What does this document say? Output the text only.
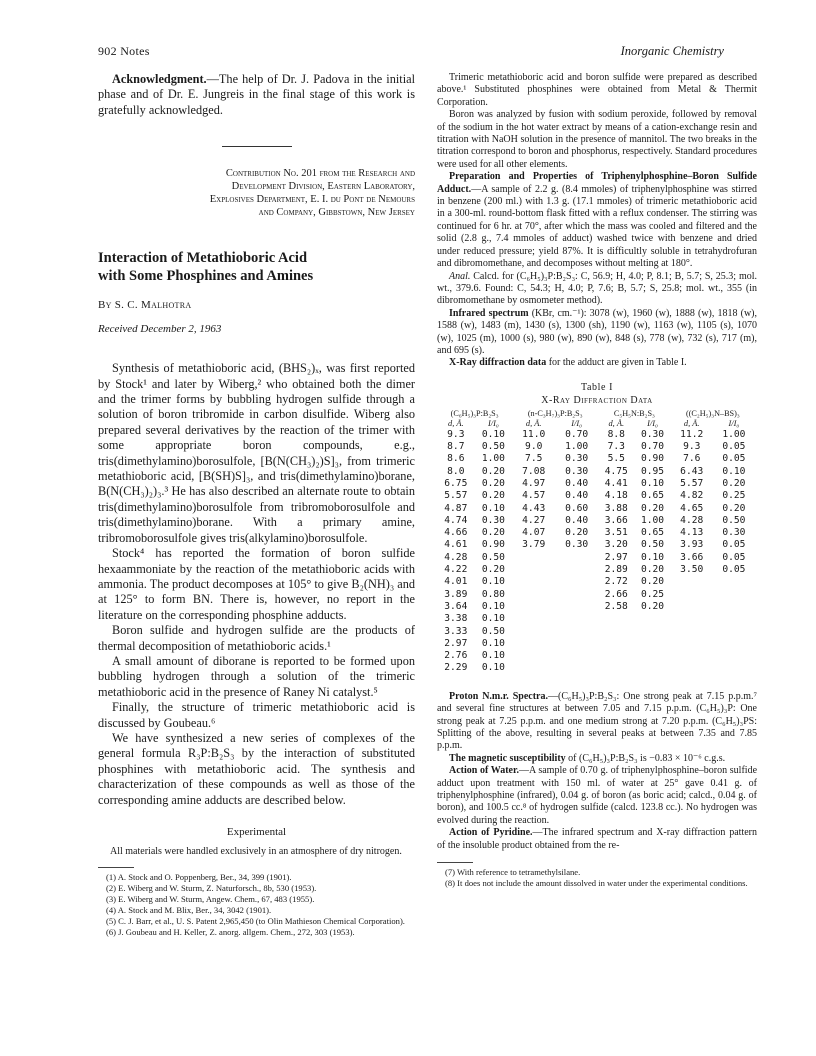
902 Notes	Inorganic Chemistry

Acknowledgment.—The help of Dr. J. Padova in the initial phase and of Dr. E. Jungreis in the final stage of this work is gratefully acknowledged.

Contribution No. 201 from the Research and
Development Division, Eastern Laboratory,
Explosives Department, E. I. du Pont de Nemours
and Company, Gibbstown, New Jersey
Interaction of Metathioboric Acid
with Some Phosphines and Amines
By S. C. Malhotra
Received December 2, 1963

Synthesis of metathioboric acid, (BHS₂)ₓ, was first reported by Stock¹ and later by Wiberg,² who obtained both the dimer and the trimer forms by bubbling hydrogen sulfide through a solution of boron tribromide in carbon disulfide. Wiberg also prepared several derivatives by the reaction of the trimer with some appropriate boron compounds, e.g., tris(dimethylamino)borosulfole, [B(N(CH₃)₂)S]₃, from trimeric metathioboric acid, [B(SH)S]₃, and tris(dimethylamino)borane, B(N(CH₃)₂)₃.³ He has also described an alternate route to obtain tris(dimethylamino)borosulfole from tribromoborosulfole and tris(dimethylamino)borane. With a primary amine, tribromoborosulfole gives tris(alkylamino)borosulfole.

Stock⁴ has reported the formation of boron sulfide hexaammoniate by the reaction of the metathioboric acids with ammonia. The product decomposes at 105° to give B₂(NH)₃ and at 125° to form BN. There is, however, no report in the literature on the corresponding phosphine adducts.

Boron sulfide and hydrogen sulfide are the products of thermal decomposition of metathioboric acids.¹

A small amount of diborane is reported to be formed upon bubbling hydrogen through a solution of the trimeric metathioboric acid in the presence of Raney Ni catalyst.⁵

Finally, the structure of trimeric metathioboric acid is discussed by Goubeau.⁶

We have synthesized a new series of complexes of the general formula R₃P:B₂S₃ by the interaction of substituted phosphines with metathioboric acid. The synthesis and characterization of these compounds as well as those of the corresponding amine adducts are described below.

Experimental

All materials were handled exclusively in an atmosphere of dry nitrogen.

(1) A. Stock and O. Poppenberg, Ber., 34, 399 (1901).
(2) E. Wiberg and W. Sturm, Z. Naturforsch., 8b, 530 (1953).
(3) E. Wiberg and W. Sturm, Angew. Chem., 67, 483 (1955).
(4) A. Stock and M. Blix, Ber., 34, 3042 (1901).
(5) C. J. Barr, et al., U. S. Patent 2,965,450 (to Olin Mathieson Chemical Corporation).
(6) J. Goubeau and H. Keller, Z. anorg. allgem. Chem., 272, 303 (1953).

Trimeric metathioboric acid and boron sulfide were prepared as described above.¹ Substituted phosphines were obtained from Metal & Thermit Corporation.

Boron was analyzed by fusion with sodium peroxide, followed by removal of the sodium in the hot water extract by means of a cation-exchange resin and titration with NaOH solution in the presence of mannitol. The two breaks in the titration correspond to boron and phosphorus, respectively. Standard procedures were used for all other elements.

Preparation and Properties of Triphenylphosphine–Boron Sulfide Adduct.—A sample of 2.2 g. (8.4 mmoles) of triphenylphosphine was stirred in benzene (200 ml.) with 1.3 g. (17.1 mmoles) of trimeric metathioboric acid in a 300-ml. round-bottom flask fitted with a reflux condenser. The stirring was continued for 6 hr. at 70°, after which the mass was cooled and filtered and the solid (2.8 g., 7.4 mmoles of adduct) washed twice with benzene and dried under reduced pressure; yield 87%. It is difficultly soluble in tetrahydrofuran and dibromomethane, and decomposes without melting at 180°.

Anal. Calcd. for (C₆H₅)₃P:B₂S₃: C, 56.9; H, 4.0; P, 8.1; B, 5.7; S, 25.3; mol. wt., 379.6. Found: C, 54.3; H, 4.0; P, 7.6; B, 5.7; S, 25.8; mol. wt., 355 (in dibromomethane by osmometer method).

Infrared spectrum (KBr, cm.⁻¹): 3078 (w), 1960 (w), 1888 (w), 1818 (w), 1588 (w), 1483 (m), 1430 (s), 1300 (sh), 1190 (w), 1163 (w), 1105 (s), 1070 (w), 1025 (m), 1000 (s), 980 (w), 890 (w), 848 (s), 778 (w), 732 (s), 717 (m), and 695 (s).

X-Ray diffraction data for the adduct are given in Table I.

Table I
X-Ray Diffraction Data
(C₆H₅)₃P:B₂S₃		(n-C₃H₇)₃P:B₂S₃		C₅H₅N:B₂S₃		((C₂H₅)₃N–BS)₃	
d, Å.	I/I₀	d, Å.	I/I₀	d, Å.	I/I₀	d, Å.	I/I₀
9.3	0.10	11.0	0.70	8.8	0.30	11.2	1.00
8.7	0.50	9.0	1.00	7.3	0.70	9.3	0.05
8.6	1.00	7.5	0.30	5.5	0.90	7.6	0.05
8.0	0.20	7.08	0.30	4.75	0.95	6.43	0.10
6.75	0.20	4.97	0.40	4.41	0.10	5.57	0.20
5.57	0.20	4.57	0.40	4.18	0.65	4.82	0.25
4.87	0.10	4.43	0.60	3.88	0.20	4.65	0.20
4.74	0.30	4.27	0.40	3.66	1.00	4.28	0.50
4.66	0.20	4.07	0.20	3.51	0.65	4.13	0.30
4.61	0.90	3.79	0.30	3.20	0.50	3.93	0.05
4.28	0.50			2.97	0.10	3.66	0.05
4.22	0.20			2.89	0.20	3.50	0.05
4.01	0.10			2.72	0.20		
3.89	0.80			2.66	0.25		
3.64	0.10			2.58	0.20		
3.38	0.10						
3.33	0.50						
2.97	0.10						
2.76	0.10						
2.29	0.10						

Proton N.m.r. Spectra.—(C₆H₅)₃P:B₂S₃: One strong peak at 7.15 p.p.m.⁷ and several fine structures at between 7.05 and 7.15 p.p.m. (C₆H₅)₃P: One strong peak at 7.25 p.p.m. and one medium strong at 7.20 p.p.m. (C₆H₅)₃PS: Splitting of the above, resulting in several peaks at between 7.35 and 7.85 p.p.m.

The magnetic susceptibility of (C₆H₅)₃P:B₂S₃ is −0.83 × 10⁻⁶ c.g.s.

Action of Water.—A sample of 0.70 g. of triphenylphosphine–boron sulfide adduct upon treatment with 150 ml. of water at 25° gave 0.41 g. of triphenylphosphine (infrared), 0.04 g. of boron (as boric acid; calcd., 0.04 g. of boron), and 100.5 cc.⁸ of hydrogen sulfide (calcd. 123.8 cc.). No hydrogen was evolved during the reaction.

Action of Pyridine.—The infrared spectrum and X-ray diffraction pattern of the insoluble product obtained from the re-

(7) With reference to tetramethylsilane.
(8) It does not include the amount dissolved in water under the experimental conditions.
